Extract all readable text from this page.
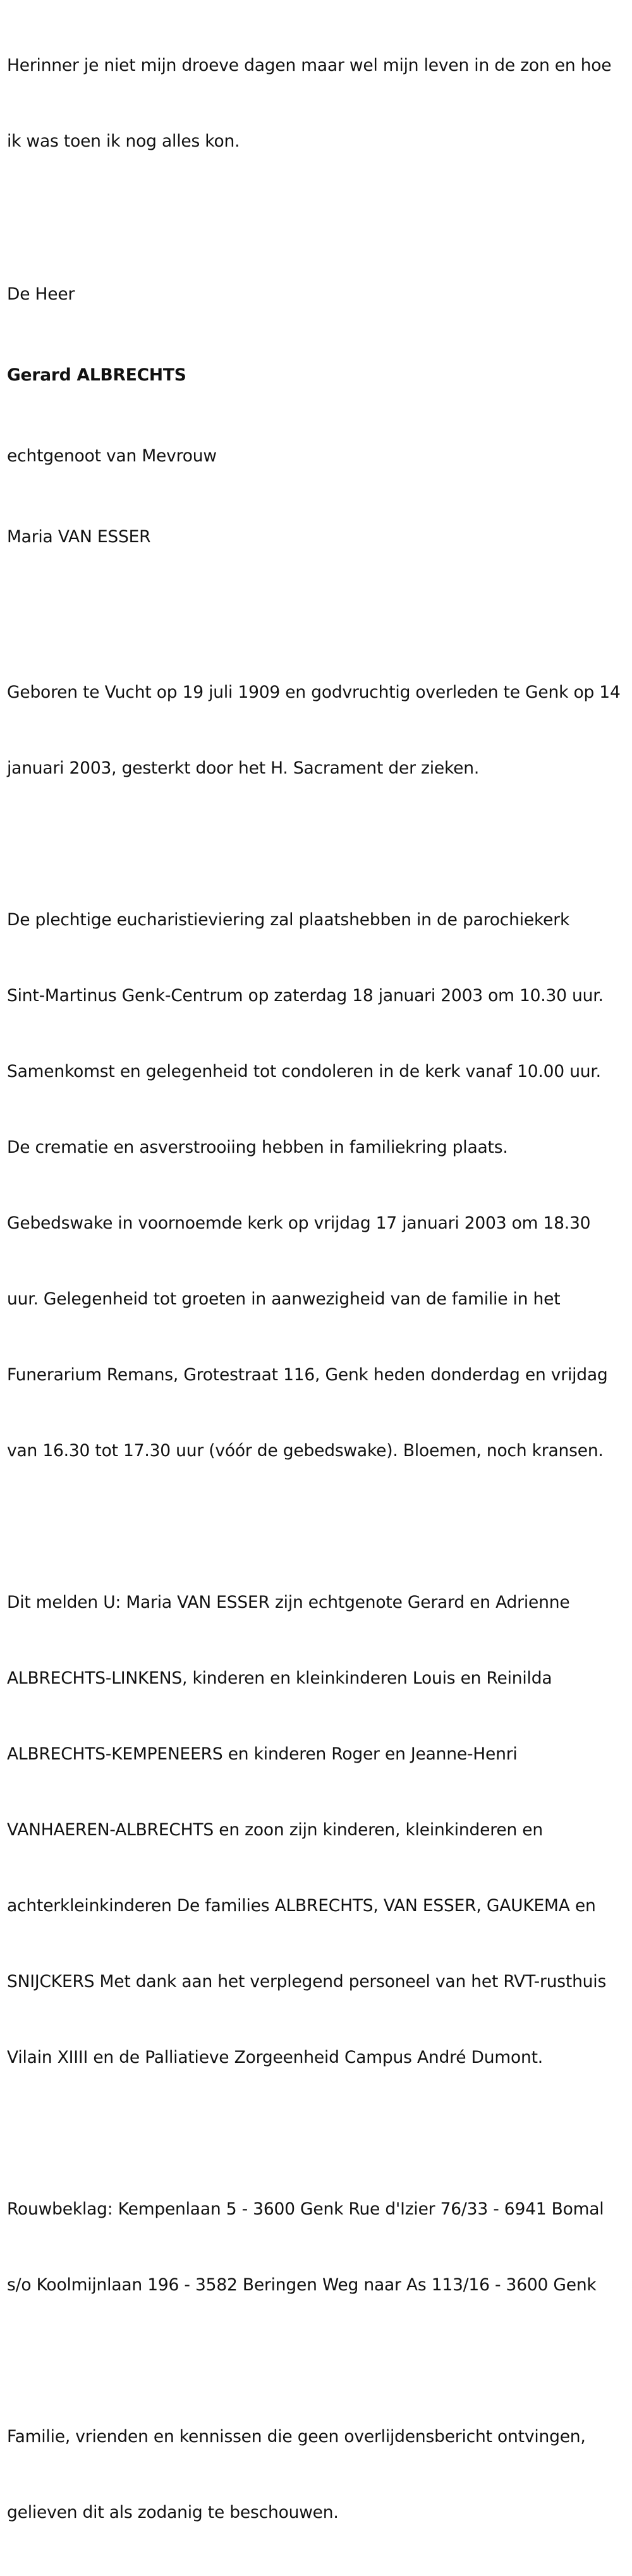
Herinner je niet mijn droeve dagen maar wel mijn leven in de zon en hoe

ik was toen ik nog alles kon.

De Heer

Gerard ALBRECHTS

echtgenoot van Mevrouw

Maria VAN ESSER

Geboren te Vucht op 19 juli 1909 en godvruchtig overleden te Genk op 14

januari 2003, gesterkt door het H. Sacrament der zieken.

De plechtige eucharistieviering zal plaatshebben in de parochiekerk

Sint-Martinus Genk-Centrum op zaterdag 18 januari 2003 om 10.30 uur.

Samenkomst en gelegenheid tot condoleren in de kerk vanaf 10.00 uur.

De crematie en asverstrooiing hebben in familiekring plaats.

Gebedswake in voornoemde kerk op vrijdag 17 januari 2003 om 18.30

uur. Gelegenheid tot groeten in aanwezigheid van de familie in het

Funerarium Remans, Grotestraat 116, Genk heden donderdag en vrijdag

van 16.30 tot 17.30 uur (vóór de gebedswake). Bloemen, noch kransen.

Dit melden U: Maria VAN ESSER zijn echtgenote Gerard en Adrienne

ALBRECHTS-LINKENS, kinderen en kleinkinderen Louis en Reinilda

ALBRECHTS-KEMPENEERS en kinderen Roger en Jeanne-Henri

VANHAEREN-ALBRECHTS en zoon zijn kinderen, kleinkinderen en

achterkleinkinderen De families ALBRECHTS, VAN ESSER, GAUKEMA en

SNIJCKERS Met dank aan het verplegend personeel van het RVT-rusthuis

Vilain XIIII en de Palliatieve Zorgeenheid Campus André Dumont.

Rouwbeklag: Kempenlaan 5 - 3600 Genk Rue d'Izier 76/33 - 6941 Bomal

s/o Koolmijnlaan 196 - 3582 Beringen Weg naar As 113/16 - 3600 Genk

Familie, vrienden en kennissen die geen overlijdensbericht ontvingen,

gelieven dit als zodanig te beschouwen.
